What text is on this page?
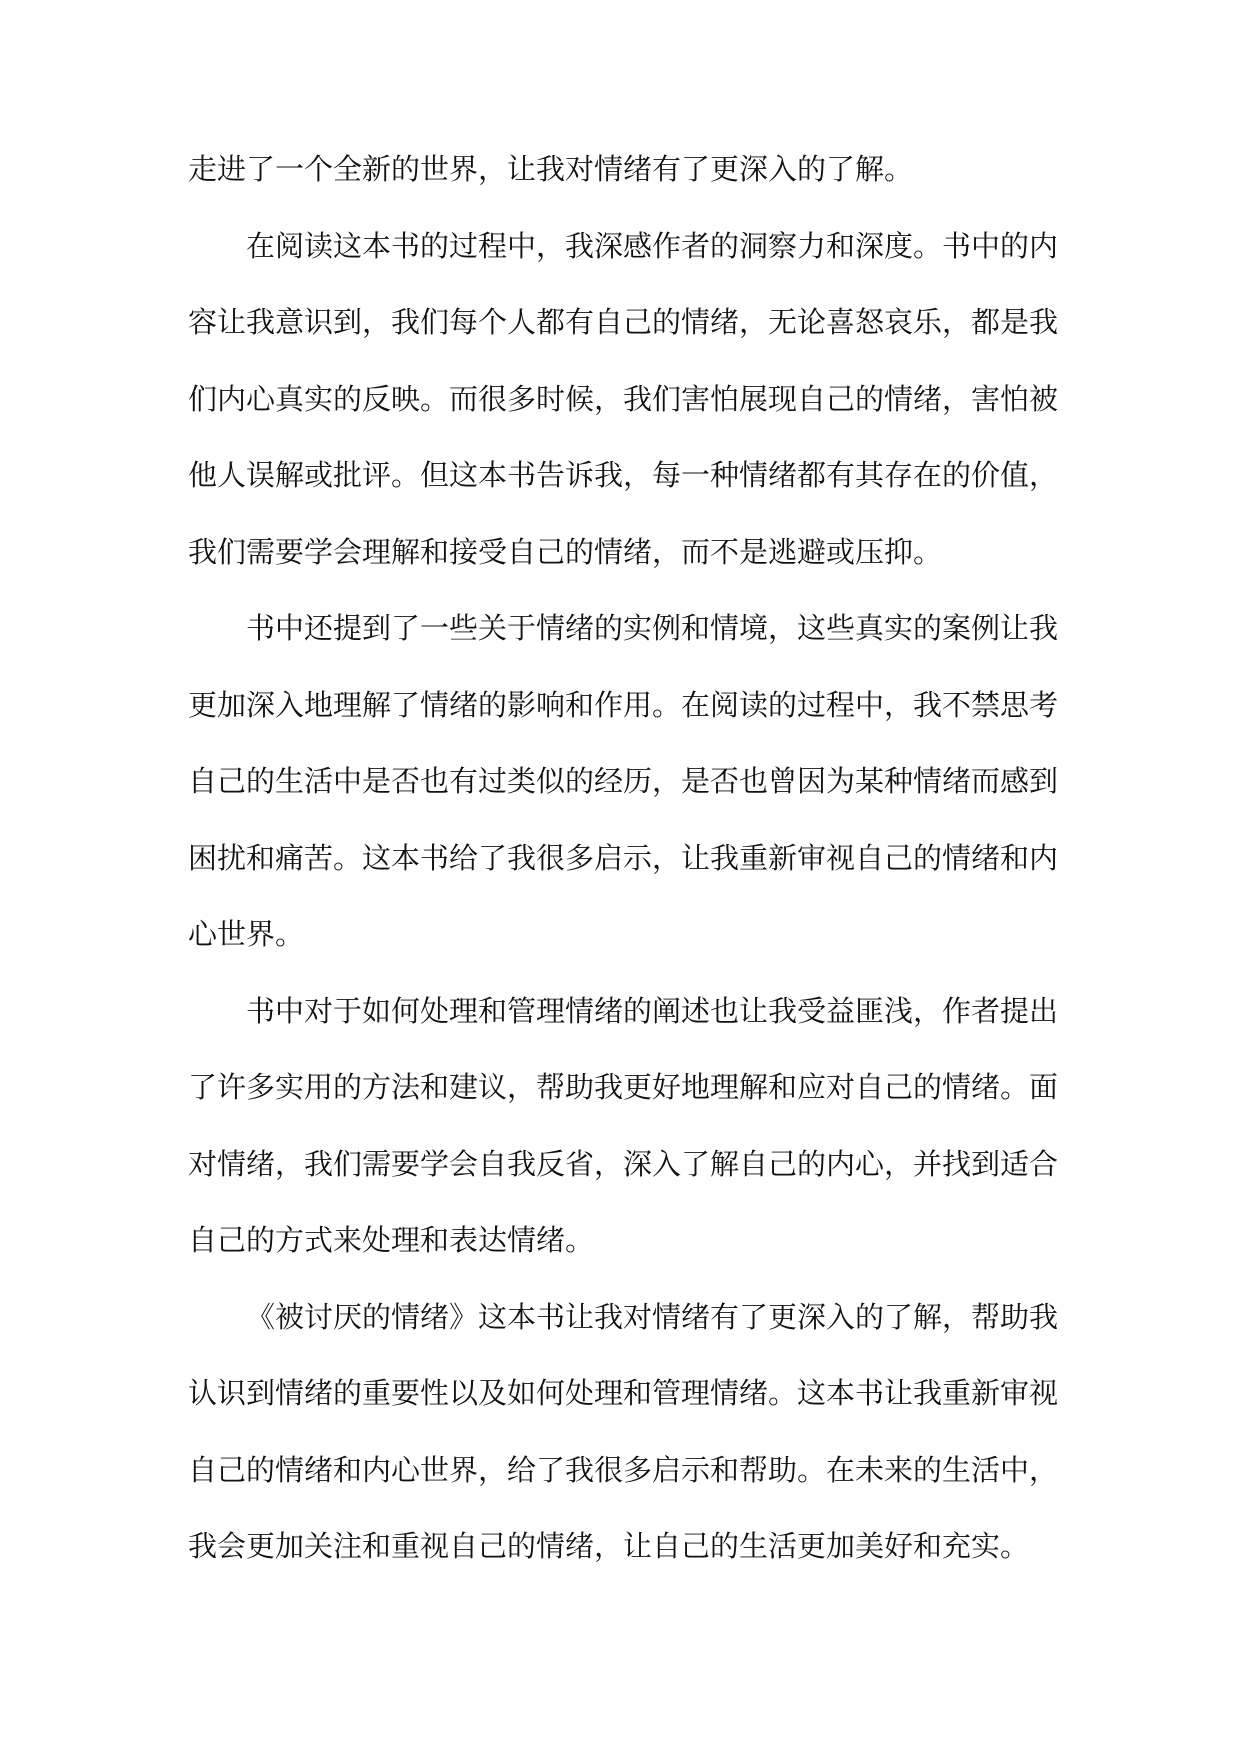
走进了一个全新的世界，让我对情绪有了更深入的了解。
在阅读这本书的过程中，我深感作者的洞察力和深度。书中的内
容让我意识到，我们每个人都有自己的情绪，无论喜怒哀乐，都是我
们内心真实的反映。而很多时候，我们害怕展现自己的情绪，害怕被
他人误解或批评。但这本书告诉我，每一种情绪都有其存在的价值，
我们需要学会理解和接受自己的情绪，而不是逃避或压抑。
书中还提到了一些关于情绪的实例和情境，这些真实的案例让我
更加深入地理解了情绪的影响和作用。在阅读的过程中，我不禁思考
自己的生活中是否也有过类似的经历，是否也曾因为某种情绪而感到
困扰和痛苦。这本书给了我很多启示，让我重新审视自己的情绪和内
心世界。
书中对于如何处理和管理情绪的阐述也让我受益匪浅，作者提出
了许多实用的方法和建议，帮助我更好地理解和应对自己的情绪。面
对情绪，我们需要学会自我反省，深入了解自己的内心，并找到适合
自己的方式来处理和表达情绪。
《被讨厌的情绪》这本书让我对情绪有了更深入的了解，帮助我
认识到情绪的重要性以及如何处理和管理情绪。这本书让我重新审视
自己的情绪和内心世界，给了我很多启示和帮助。在未来的生活中，
我会更加关注和重视自己的情绪，让自己的生活更加美好和充实。
